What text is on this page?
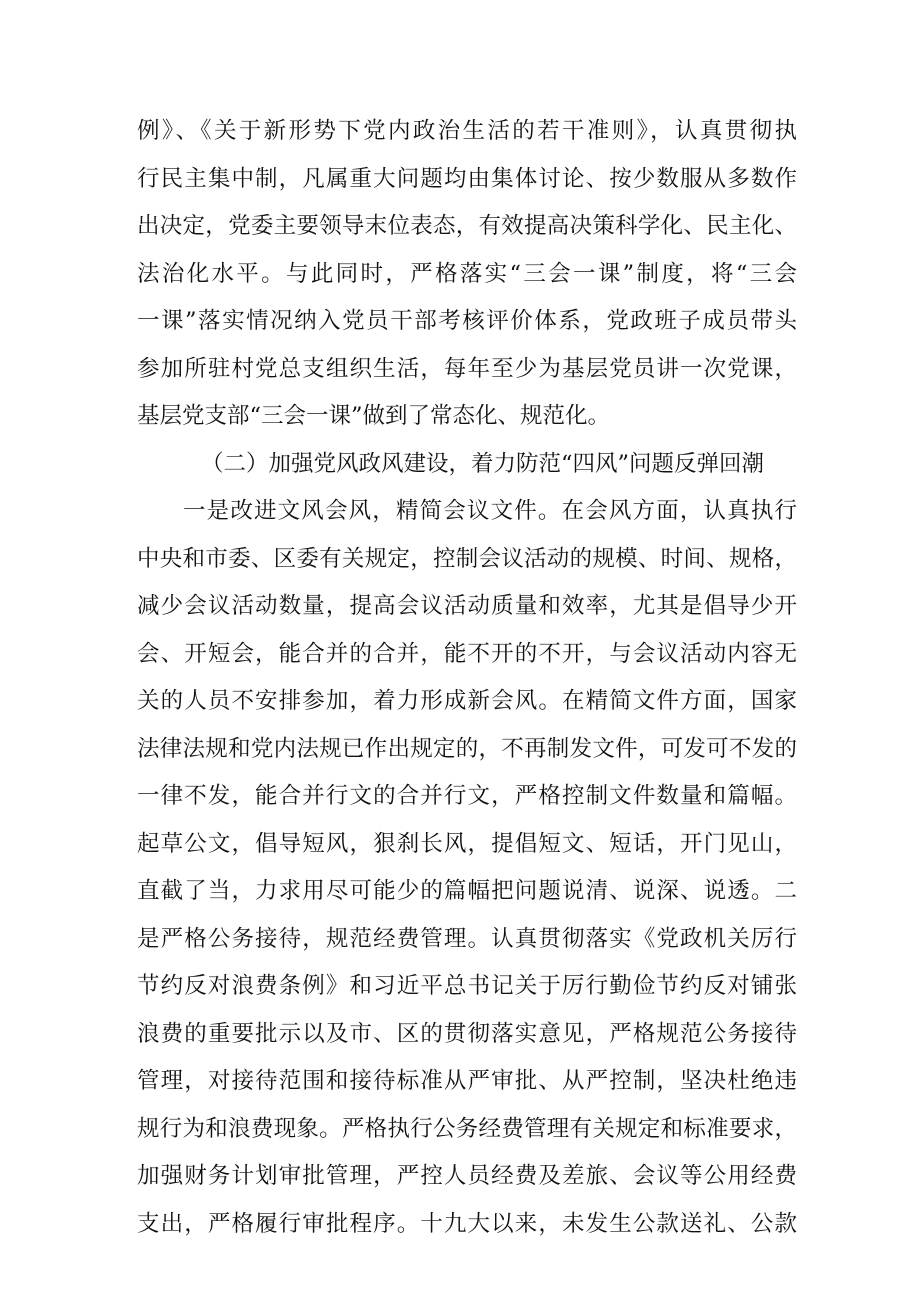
例》、《关于新形势下党内政治生活的若干准则》，认真贯彻执
行民主集中制，凡属重大问题均由集体讨论、按少数服从多数作
出决定，党委主要领导末位表态，有效提高决策科学化、民主化、
法治化水平。与此同时，严格落实“三会一课”制度，将“三会
一课”落实情况纳入党员干部考核评价体系，党政班子成员带头
参加所驻村党总支组织生活，每年至少为基层党员讲一次党课，
基层党支部“三会一课”做到了常态化、规范化。
（二）加强党风政风建设，着力防范“四风”问题反弹回潮
一是改进文风会风，精简会议文件。在会风方面，认真执行
中央和市委、区委有关规定，控制会议活动的规模、时间、规格，
减少会议活动数量，提高会议活动质量和效率，尤其是倡导少开
会、开短会，能合并的合并，能不开的不开，与会议活动内容无
关的人员不安排参加，着力形成新会风。在精简文件方面，国家
法律法规和党内法规已作出规定的，不再制发文件，可发可不发的
一律不发，能合并行文的合并行文，严格控制文件数量和篇幅。
起草公文，倡导短风，狠刹长风，提倡短文、短话，开门见山，
直截了当，力求用尽可能少的篇幅把问题说清、说深、说透。二
是严格公务接待，规范经费管理。认真贯彻落实《党政机关厉行
节约反对浪费条例》和习近平总书记关于厉行勤俭节约反对铺张
浪费的重要批示以及市、区的贯彻落实意见，严格规范公务接待
管理，对接待范围和接待标准从严审批、从严控制，坚决杜绝违
规行为和浪费现象。严格执行公务经费管理有关规定和标准要求，
加强财务计划审批管理，严控人员经费及差旅、会议等公用经费
支出，严格履行审批程序。十九大以来，未发生公款送礼、公款
